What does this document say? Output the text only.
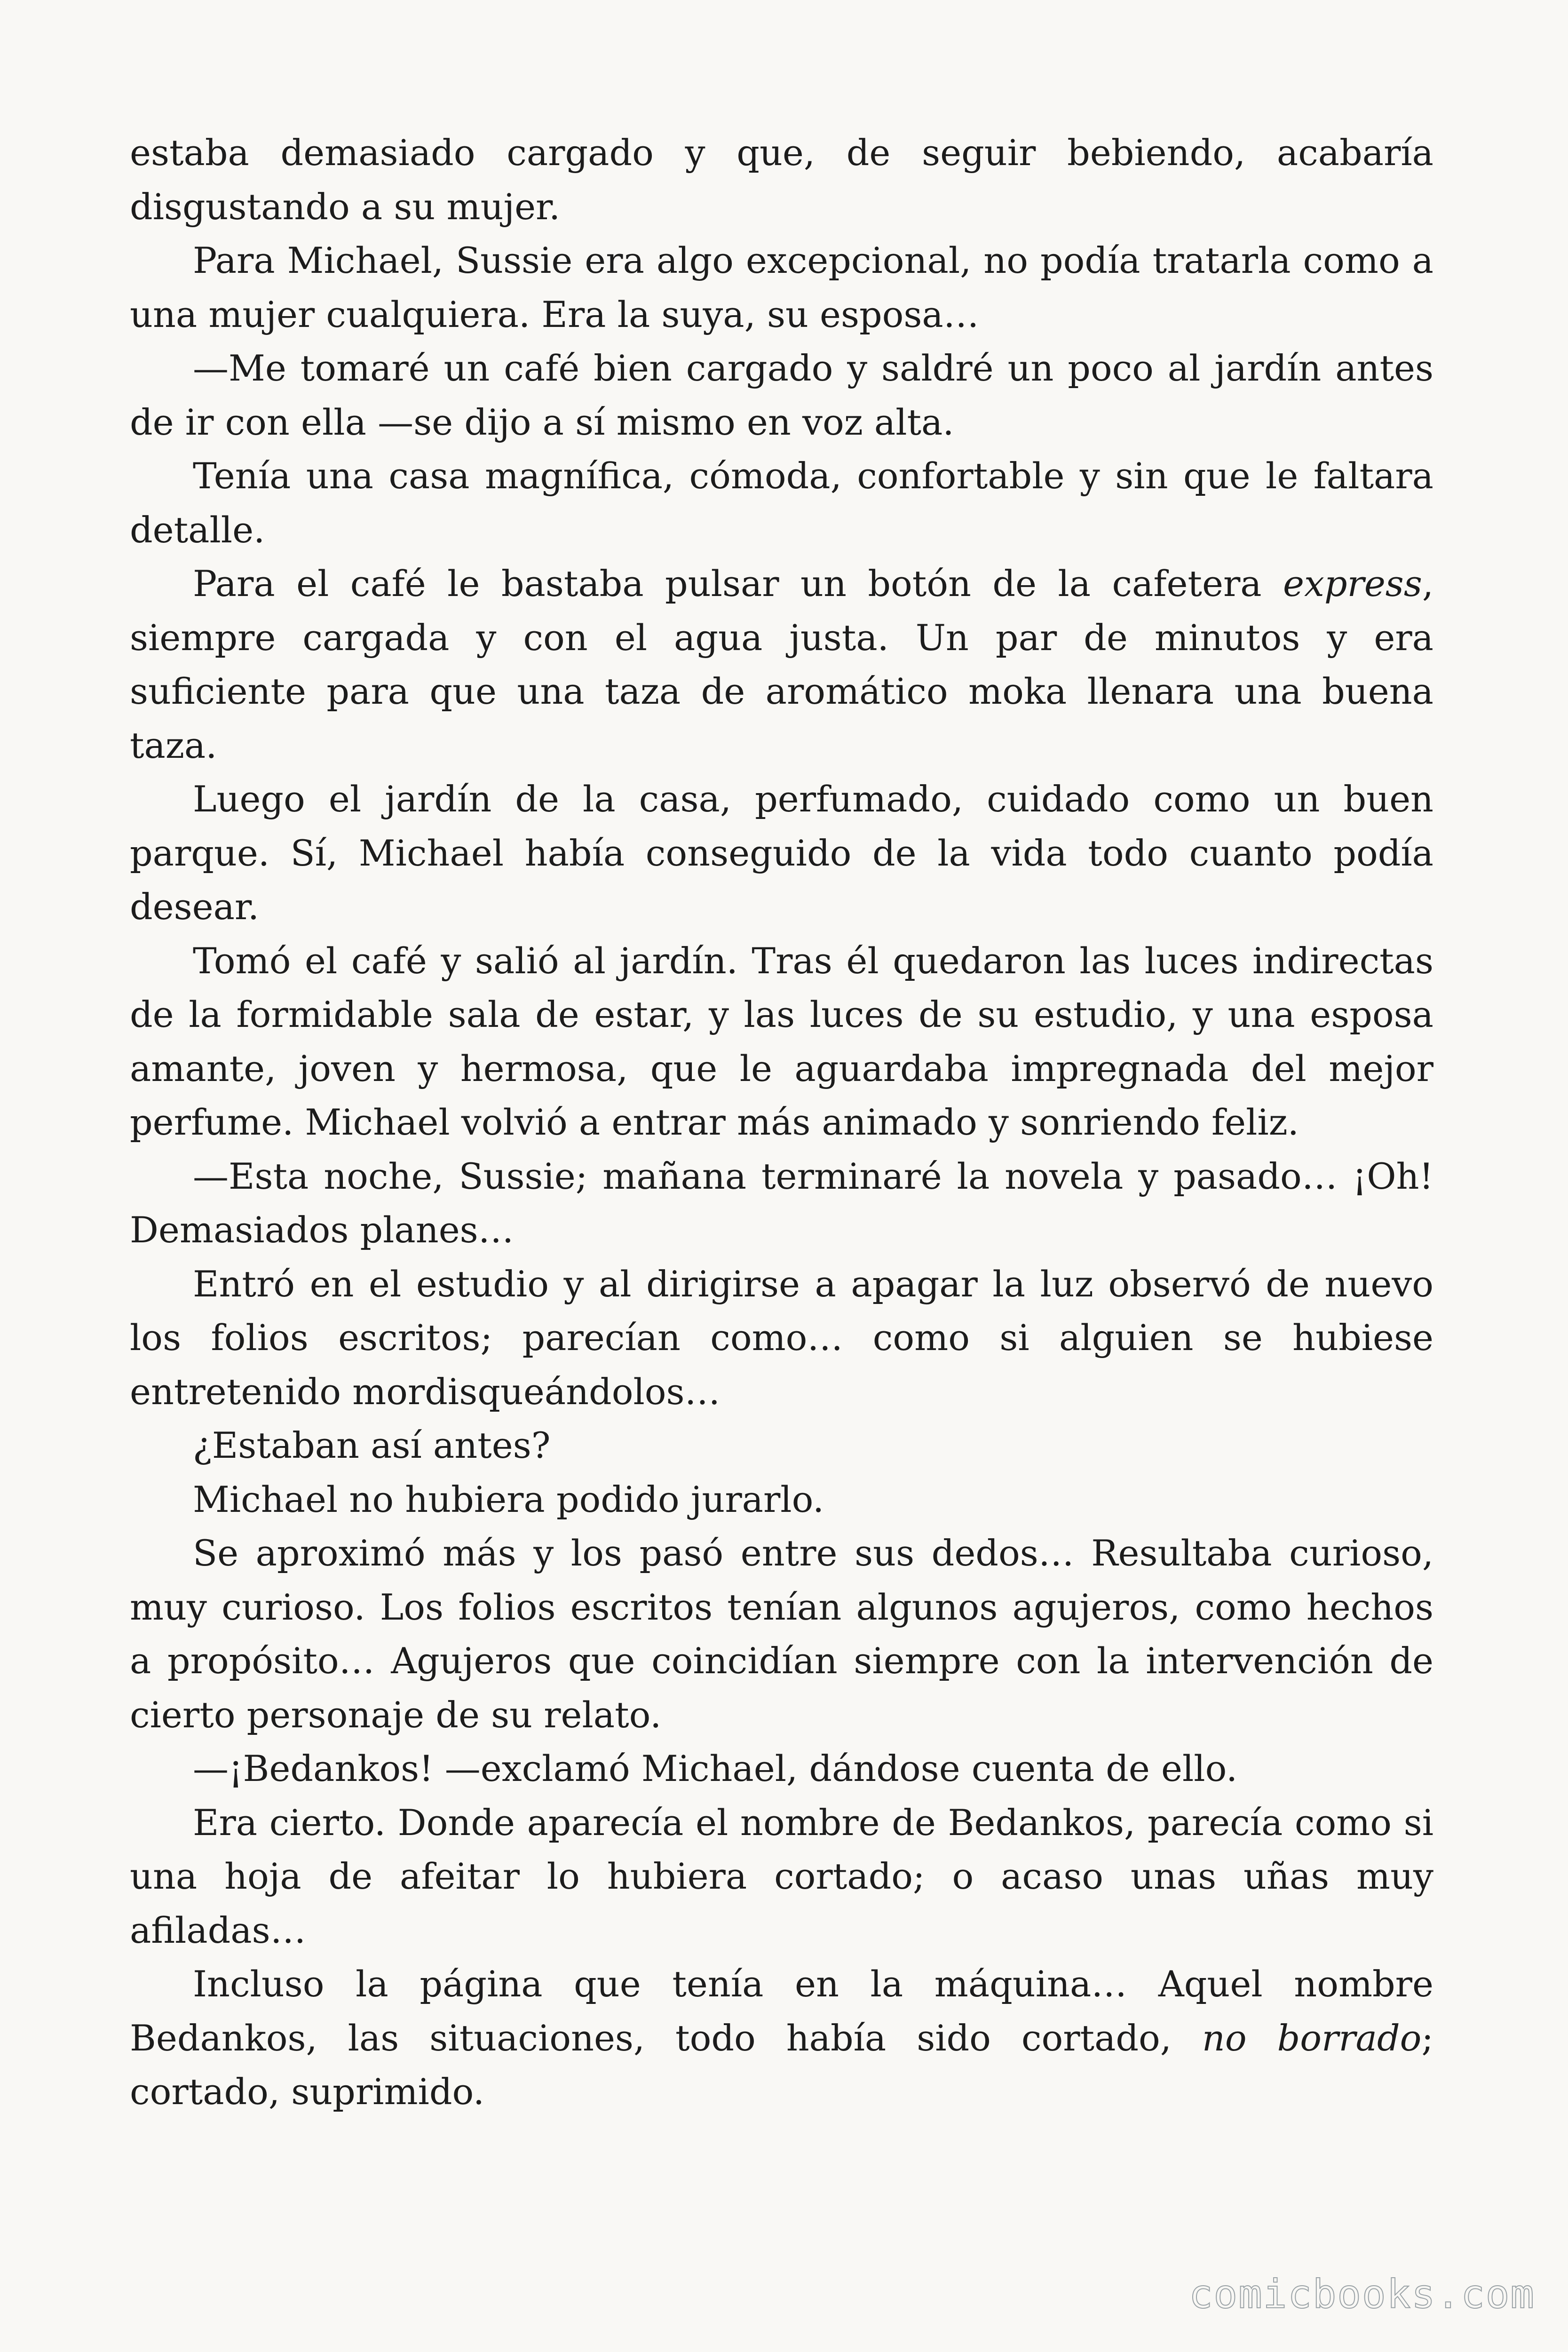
estaba demasiado cargado y que, de seguir bebiendo, acabaría disgustando a su mujer.

Para Michael, Sussie era algo excepcional, no podía tratarla como a una mujer cualquiera. Era la suya, su esposa…

—Me tomaré un café bien cargado y saldré un poco al jardín antes de ir con ella —se dijo a sí mismo en voz alta.

Tenía una casa magnífica, cómoda, confortable y sin que le faltara detalle.

Para el café le bastaba pulsar un botón de la cafetera express, siempre cargada y con el agua justa. Un par de minutos y era suficiente para que una taza de aromático moka llenara una buena taza.

Luego el jardín de la casa, perfumado, cuidado como un buen parque. Sí, Michael había conseguido de la vida todo cuanto podía desear.

Tomó el café y salió al jardín. Tras él quedaron las luces indirectas de la formidable sala de estar, y las luces de su estudio, y una esposa amante, joven y hermosa, que le aguardaba impregnada del mejor perfume. Michael volvió a entrar más animado y sonriendo feliz.

—Esta noche, Sussie; mañana terminaré la novela y pasado… ¡Oh! Demasiados planes…

Entró en el estudio y al dirigirse a apagar la luz observó de nuevo los folios escritos; parecían como… como si alguien se hubiese entretenido mordisqueándolos…

¿Estaban así antes?

Michael no hubiera podido jurarlo.

Se aproximó más y los pasó entre sus dedos… Resultaba curioso, muy curioso. Los folios escritos tenían algunos agujeros, como hechos a propósito… Agujeros que coincidían siempre con la intervención de cierto personaje de su relato.

—¡Bedankos! —exclamó Michael, dándose cuenta de ello.

Era cierto. Donde aparecía el nombre de Bedankos, parecía como si una hoja de afeitar lo hubiera cortado; o acaso unas uñas muy afiladas…

Incluso la página que tenía en la máquina… Aquel nombre Bedankos, las situaciones, todo había sido cortado, no borrado; cortado, suprimido.

comicbooks.com
